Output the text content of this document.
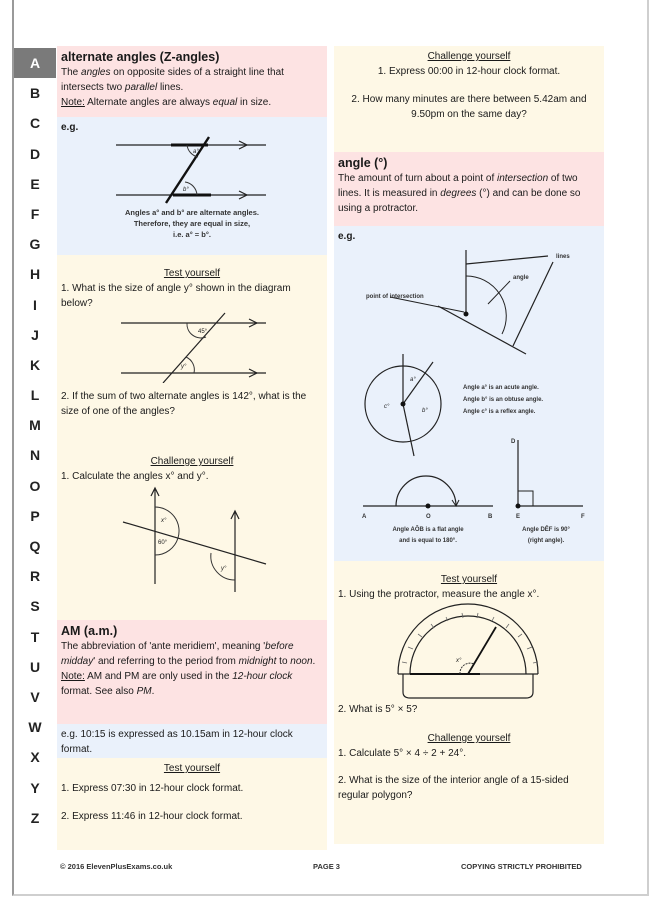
A
B
C
D
E
F
G
H
I
J
K
L
M
N
O
P
Q
R
S
T
U
V
W
X
Y
Z
alternate angles (Z-angles)
The angles on opposite sides of a straight line that intersects two parallel lines.
Note: Alternate angles are always equal in size.
e.g.
a°
b°
Angles a° and b° are alternate angles.
Therefore, they are equal in size,
i.e. a° = b°.
Test yourself
1. What is the size of angle y° shown in the diagram below?
45°
y°
2. If the sum of two alternate angles is 142°, what is the size of one of the angles?
Challenge yourself
1. Calculate the angles x° and y°.
x°
60°
y°
AM (a.m.)
The abbreviation of 'ante meridiem', meaning 'before midday' and referring to the period from midnight to noon.
Note: AM and PM are only used in the 12-hour clock format. See also PM.
e.g. 10:15 is expressed as 10.15am in 12-hour clock format.
Test yourself
1. Express 07:30 in 12-hour clock format.
2. Express 11:46 in 12-hour clock format.
Challenge yourself
1. Express 00:00 in 12-hour clock format.
2. How many minutes are there between 5.42am and 9.50pm on the same day?
angle (°)
The amount of turn about a point of intersection of two lines. It is measured in degrees (°) and can be done so using a protractor.
e.g.
lines
angle
point of intersection
a°
b°
c°
Angle a° is an acute angle.
Angle b° is an obtuse angle.
Angle c° is a reflex angle.
A	O	B
Angle AÔB is a flat angle
and is equal to 180°.
D
E	F
Angle DÊF is 90°
(right angle).
Test yourself
1. Using the protractor, measure the angle x°.
x°
2. What is 5° × 5?
Challenge yourself
1. Calculate 5° × 4 ÷ 2 + 24°.
2. What is the size of the interior angle of a 15-sided regular polygon?
© 2016 ElevenPlusExams.co.uk	PAGE 3	COPYING STRICTLY PROHIBITED
